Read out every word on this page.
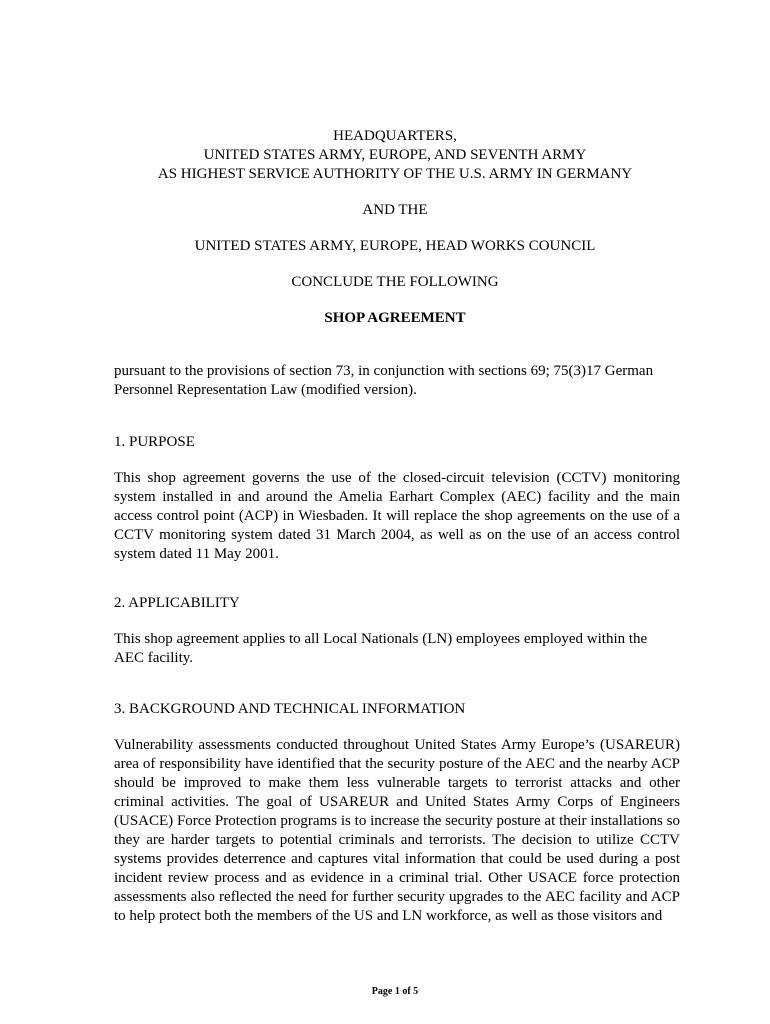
HEADQUARTERS,
UNITED STATES ARMY, EUROPE, AND SEVENTH ARMY
AS HIGHEST SERVICE AUTHORITY OF THE U.S. ARMY IN GERMANY
AND THE
UNITED STATES ARMY, EUROPE, HEAD WORKS COUNCIL
CONCLUDE THE FOLLOWING
SHOP AGREEMENT
pursuant to the provisions of section 73, in conjunction with sections 69; 75(3)17 German Personnel Representation Law (modified version).
1. PURPOSE
This shop agreement governs the use of the closed-circuit television (CCTV) monitoring system installed in and around the Amelia Earhart Complex (AEC) facility and the main access control point (ACP) in Wiesbaden. It will replace the shop agreements on the use of a CCTV monitoring system dated 31 March 2004, as well as on the use of an access control system dated 11 May 2001.
2. APPLICABILITY
This shop agreement applies to all Local Nationals (LN) employees employed within the AEC facility.
3. BACKGROUND AND TECHNICAL INFORMATION
Vulnerability assessments conducted throughout United States Army Europe’s (USAREUR) area of responsibility have identified that the security posture of the AEC and the nearby ACP should be improved to make them less vulnerable targets to terrorist attacks and other criminal activities. The goal of USAREUR and United States Army Corps of Engineers (USACE) Force Protection programs is to increase the security posture at their installations so they are harder targets to potential criminals and terrorists. The decision to utilize CCTV systems provides deterrence and captures vital information that could be used during a post incident review process and as evidence in a criminal trial. Other USACE force protection assessments also reflected the need for further security upgrades to the AEC facility and ACP to help protect both the members of the US and LN workforce, as well as those visitors and
Page 1 of 5
